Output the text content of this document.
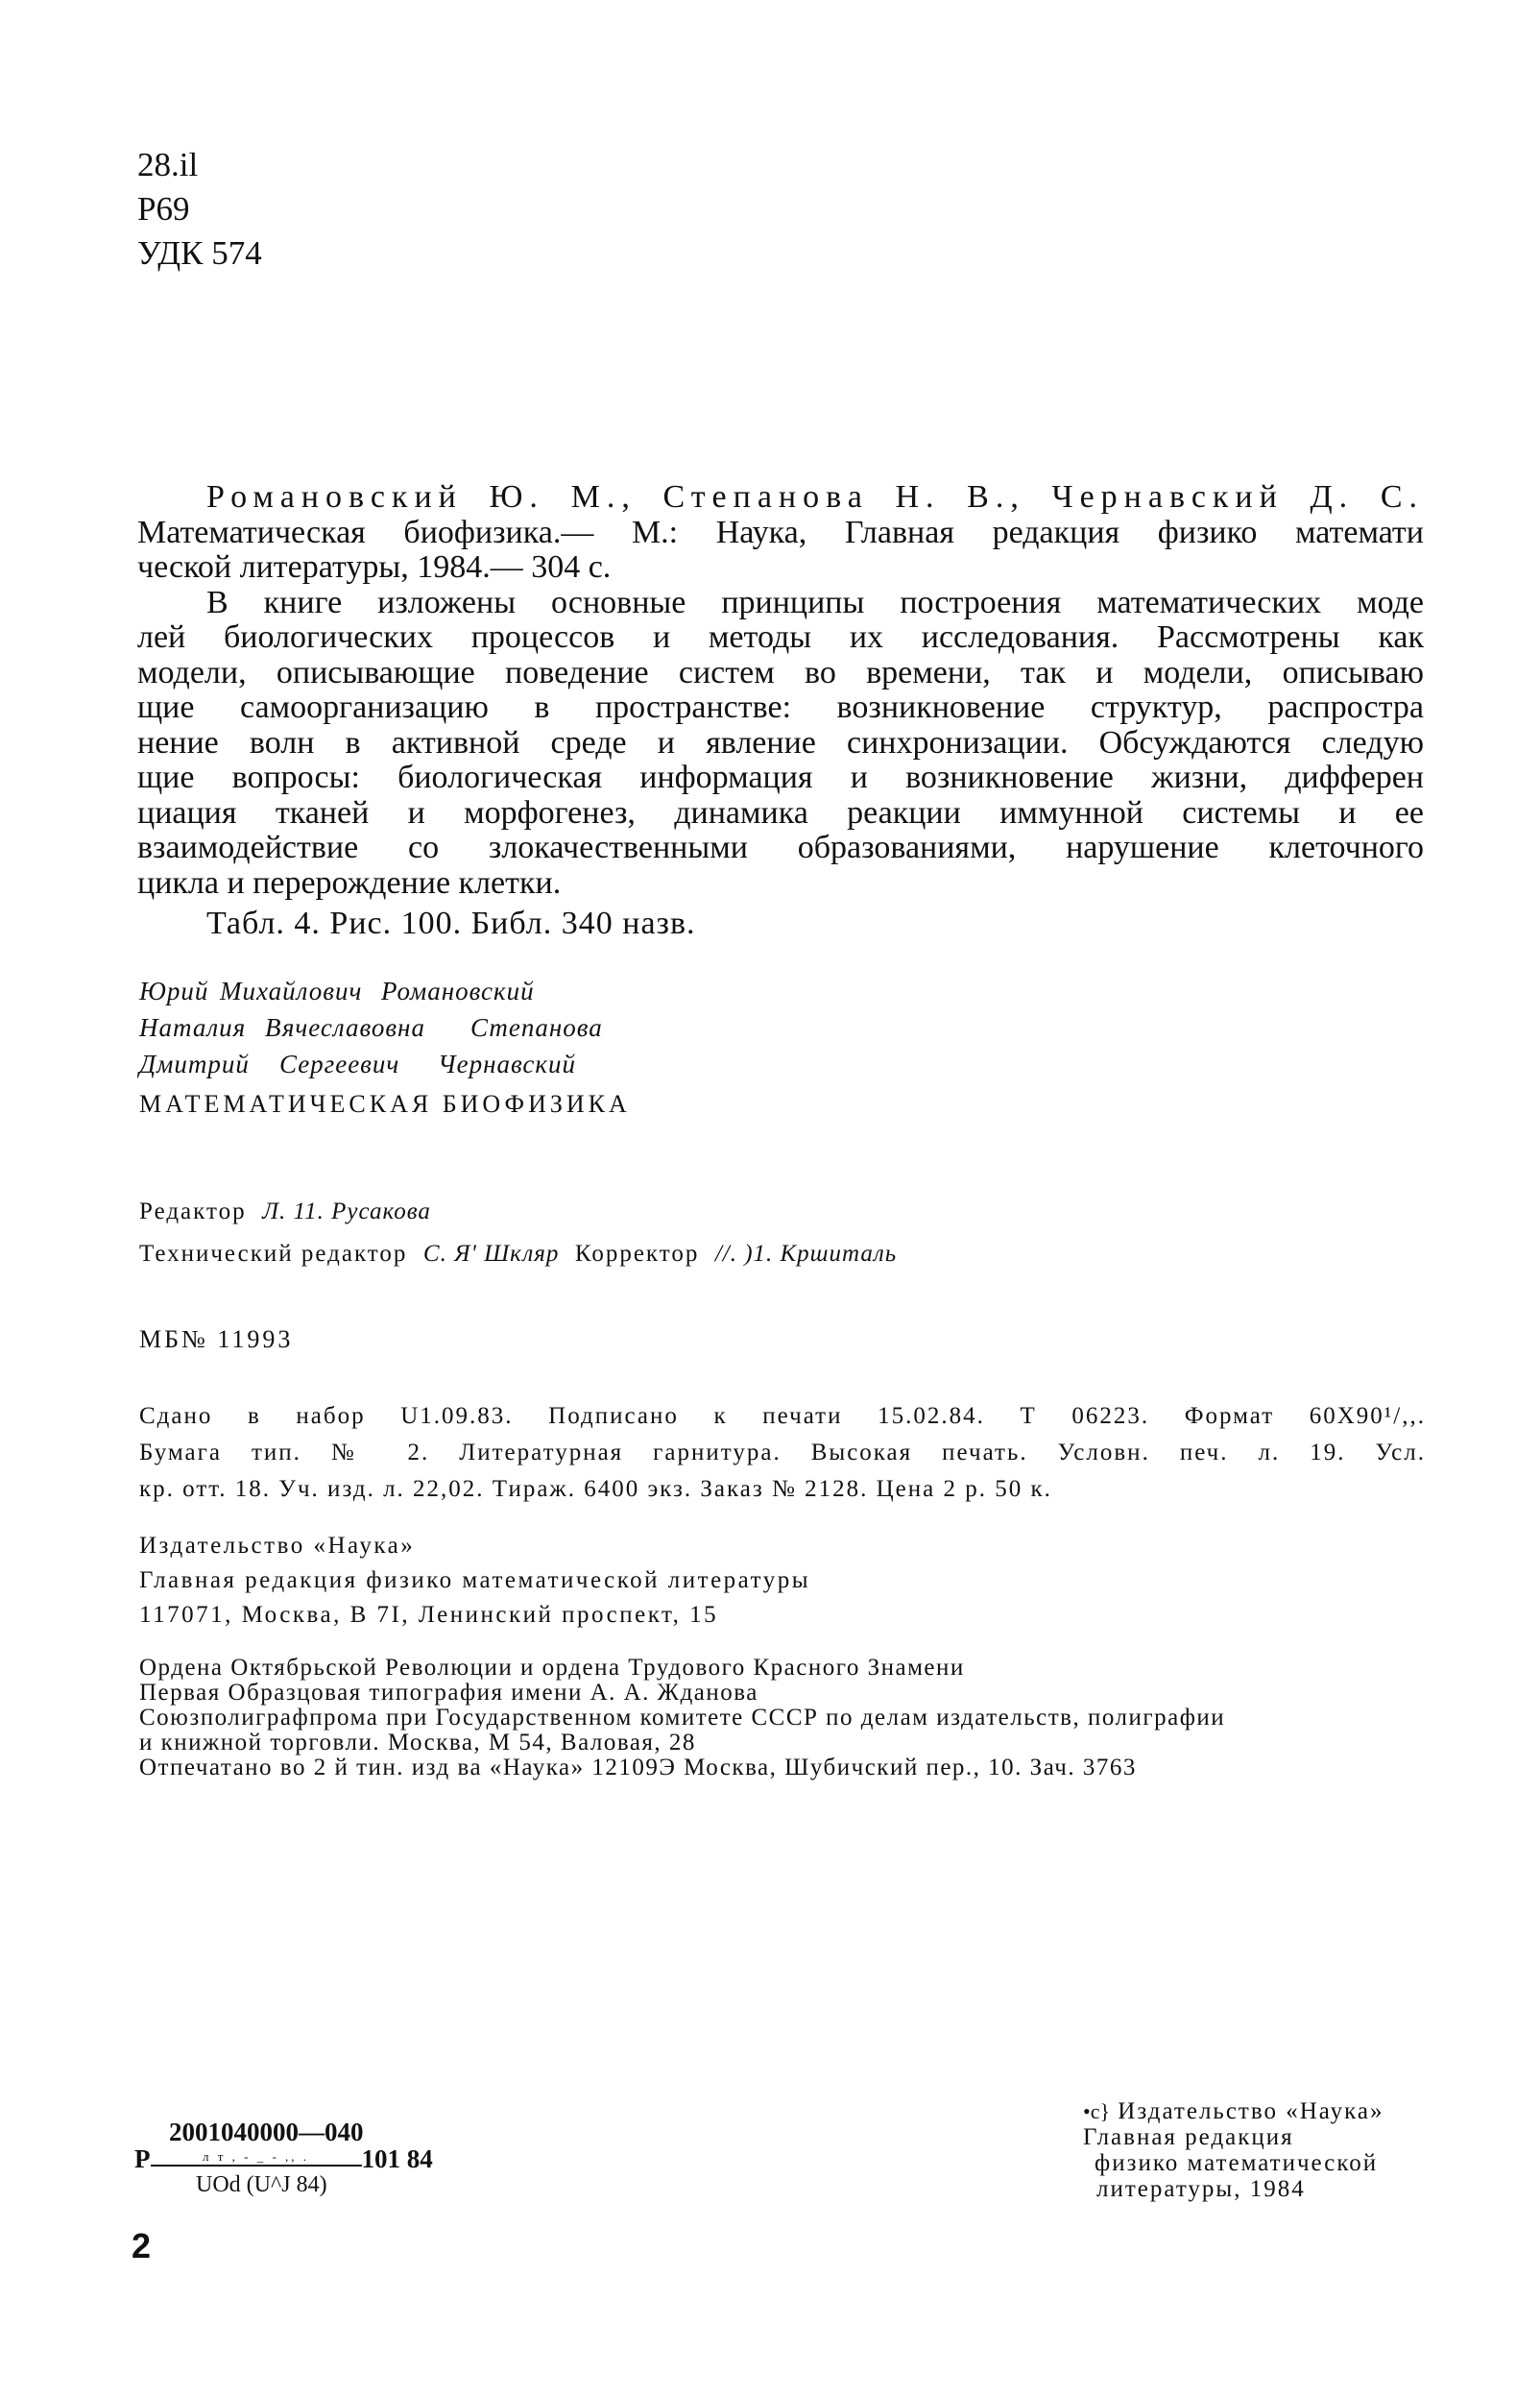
28.il
P69
УДК 574

Романовский Ю. М., Степанова Н. В., Чернавский Д. С.

Математическая биофизика.— М.: Наука, Главная редакция физико математи

ческой литературы, 1984.— 304 с.

В книге изложены основные принципы построения математических моде

лей биологических процессов и методы их исследования. Рассмотрены как

модели, описывающие поведение систем во времени, так и модели, описываю

щие самоорганизацию в пространстве: возникновение структур, распростра

нение волн в активной среде и явление синхронизации. Обсуждаются следую

щие вопросы: биологическая информация и возникновение жизни, дифферен

циация тканей и морфогенез, динамика реакции иммунной системы и ее

взаимодействие со злокачественными образованиями, нарушение клеточного

цикла и перерождение клетки.

Табл. 4. Рис. 100. Библ. 340 назв.

Юрий Михайлович Романовский
Наталия Вячеславовна Степанова
Дмитрий Сергеевич Чернавский
МАТЕМАТИЧЕСКАЯ БИОФИЗИКА
Редактор Л. 11. Русакова
Технический редактор С. Я' Шкляр Корректор //. )1. Кршиталь
МБ№ 11993

Сдано в набор U1.09.83. Подписано к печати 15.02.84. Т 06223. Формат 60X90¹/,,.

Бумага тип. № 2. Литературная гарнитура. Высокая печать. Условн. печ. л. 19. Усл.

кр. отт. 18. Уч. изд. л. 22,02. Тираж. 6400 экз. Заказ № 2128. Цена 2 р. 50 к.

Издательство «Наука»

Главная редакция физико математической литературы

117071, Москва, В 7I, Ленинский проспект, 15

Ордена Октябрьской Революции и ордена Трудового Красного Знамени

Первая Образцовая типография имени А. А. Жданова

Союзполиграфпрома при Государственном комитете СССР по делам издательств, полиграфии

и книжной торговли. Москва, М 54, Валовая, 28

Отпечатано во 2 й тин. изд ва «Наука» 12109Э Москва, Шубичский пер., 10. Зач. 3763

2001040000—040
P	л т , - _ - ,, . 101 84
UOd (U^J 84)

•c} Издательство «Наука»

Главная редакция

физико математической

литературы, 1984

2
